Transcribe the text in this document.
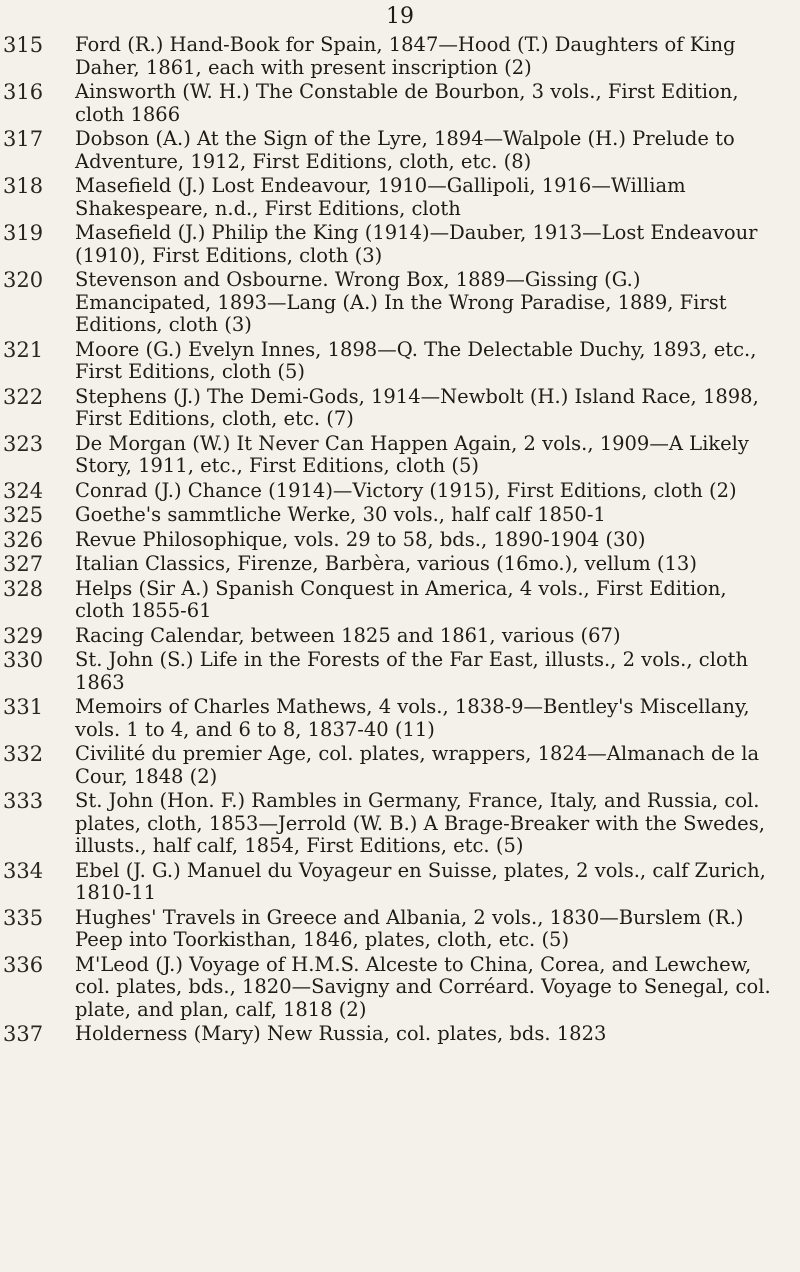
19
315 Ford (R.) Hand-Book for Spain, 1847—Hood (T.) Daughters of King Daher, 1861, each with present inscription (2)
316 Ainsworth (W. H.) The Constable de Bourbon, 3 vols., First Edition, cloth 1866
317 Dobson (A.) At the Sign of the Lyre, 1894—Walpole (H.) Prelude to Adventure, 1912, First Editions, cloth, etc. (8)
318 Masefield (J.) Lost Endeavour, 1910—Gallipoli, 1916—William Shakespeare, n.d., First Editions, cloth
319 Masefield (J.) Philip the King (1914)—Dauber, 1913—Lost Endeavour (1910), First Editions, cloth (3)
320 Stevenson and Osbourne. Wrong Box, 1889—Gissing (G.) Emancipated, 1893—Lang (A.) In the Wrong Paradise, 1889, First Editions, cloth (3)
321 Moore (G.) Evelyn Innes, 1898—Q. The Delectable Duchy, 1893, etc., First Editions, cloth (5)
322 Stephens (J.) The Demi-Gods, 1914—Newbolt (H.) Island Race, 1898, First Editions, cloth, etc. (7)
323 De Morgan (W.) It Never Can Happen Again, 2 vols., 1909—A Likely Story, 1911, etc., First Editions, cloth (5)
324 Conrad (J.) Chance (1914)—Victory (1915), First Editions, cloth (2)
325 Goethe's sammtliche Werke, 30 vols., half calf 1850-1
326 Revue Philosophique, vols. 29 to 58, bds., 1890-1904 (30)
327 Italian Classics, Firenze, Barbèra, various (16mo.), vellum (13)
328 Helps (Sir A.) Spanish Conquest in America, 4 vols., First Edition, cloth 1855-61
329 Racing Calendar, between 1825 and 1861, various (67)
330 St. John (S.) Life in the Forests of the Far East, illusts., 2 vols., cloth 1863
331 Memoirs of Charles Mathews, 4 vols., 1838-9—Bentley's Miscellany, vols. 1 to 4, and 6 to 8, 1837-40 (11)
332 Civilité du premier Age, col. plates, wrappers, 1824—Almanach de la Cour, 1848 (2)
333 St. John (Hon. F.) Rambles in Germany, France, Italy, and Russia, col. plates, cloth, 1853—Jerrold (W. B.) A Brage-Breaker with the Swedes, illusts., half calf, 1854, First Editions, etc. (5)
334 Ebel (J. G.) Manuel du Voyageur en Suisse, plates, 2 vols., calf Zurich, 1810-11
335 Hughes' Travels in Greece and Albania, 2 vols., 1830—Burslem (R.) Peep into Toorkisthan, 1846, plates, cloth, etc. (5)
336 M'Leod (J.) Voyage of H.M.S. Alceste to China, Corea, and Lewchew, col. plates, bds., 1820—Savigny and Corréard. Voyage to Senegal, col. plate, and plan, calf, 1818 (2)
337 Holderness (Mary) New Russia, col. plates, bds. 1823
